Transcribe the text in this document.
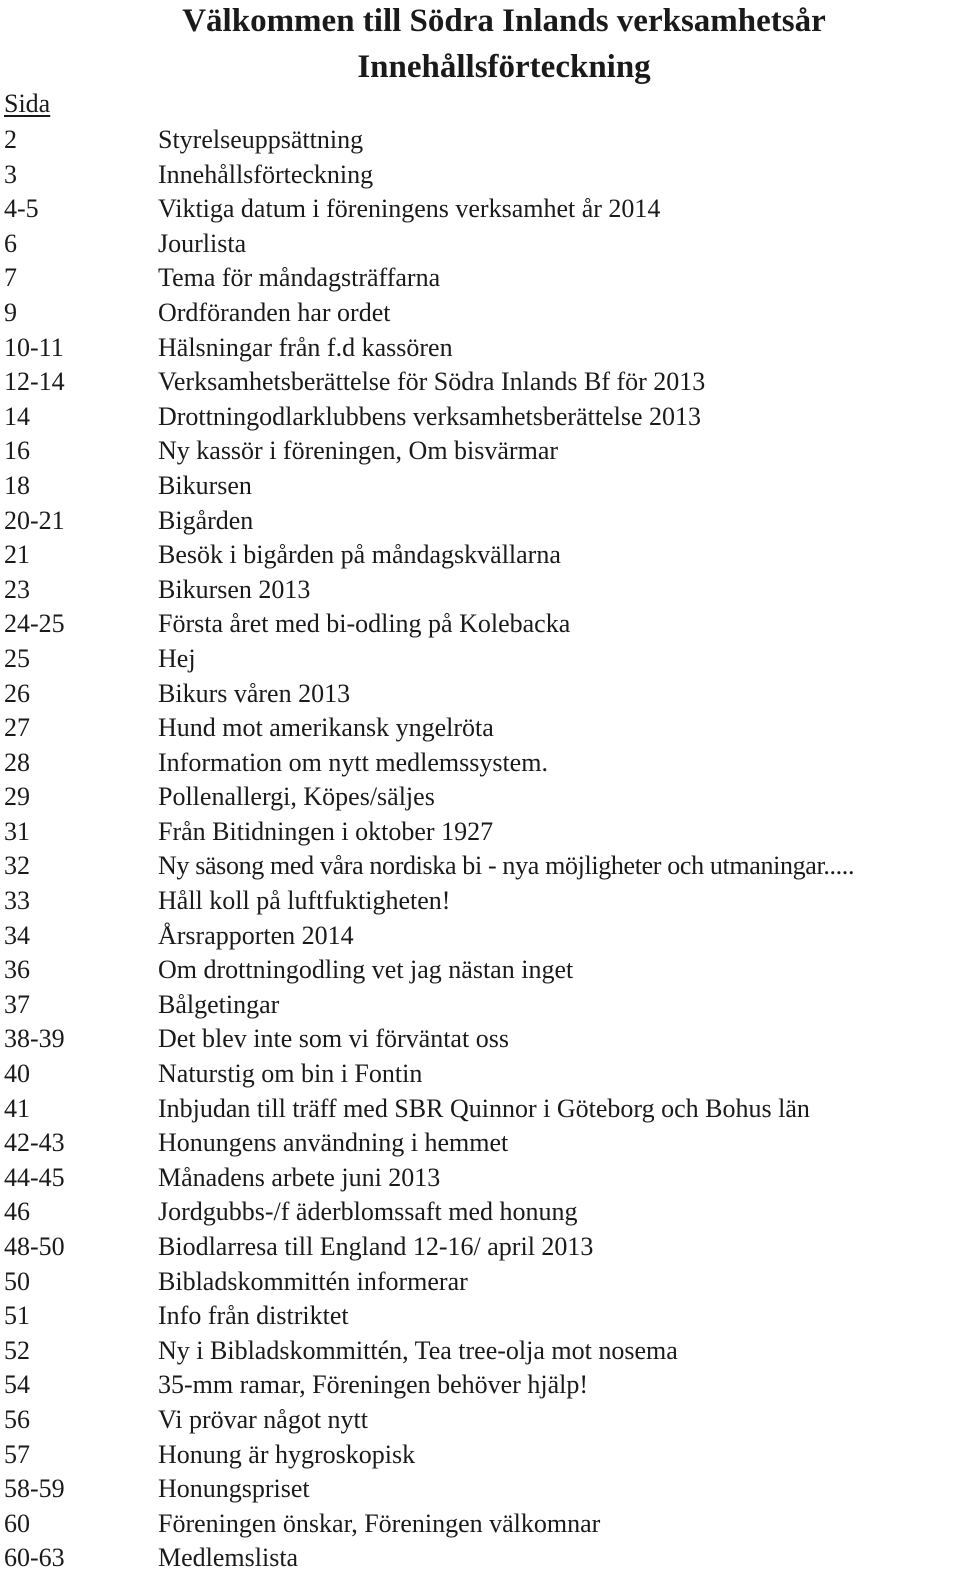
Välkommen till Södra Inlands verksamhetsår
Innehållsförteckning
Sida
2	Styrelseuppsättning
3	Innehållsförteckning
4-5	Viktiga datum i föreningens verksamhet år 2014
6	Jourlista
7	Tema för måndagsträffarna
9	Ordföranden har ordet
10-11	Hälsningar från f.d kassören
12-14	Verksamhetsberättelse för Södra Inlands Bf för 2013
14	Drottningodlarklubbens verksamhetsberättelse 2013
16	Ny kassör i föreningen, Om bisvärmar
18	Bikursen
20-21	Bigården
21	Besök i bigården på måndagskvällarna
23	Bikursen 2013
24-25	Första året med bi-odling på Kolebacka
25	Hej
26	Bikurs våren 2013
27	Hund mot amerikansk yngelröta
28	Information om nytt medlemssystem.
29	Pollenallergi, Köpes/säljes
31	Från Bitidningen i oktober 1927
32	Ny säsong med våra nordiska bi - nya möjligheter och utmaningar.....
33	Håll koll på luftfuktigheten!
34	Årsrapporten 2014
36	Om drottningodling vet jag nästan inget
37	Bålgetingar
38-39	Det blev inte som vi förväntat oss
40	Naturstig om bin i Fontin
41	Inbjudan till träff med SBR Quinnor i Göteborg och Bohus län
42-43	Honungens användning i hemmet
44-45	Månadens arbete juni 2013
46	Jordgubbs-/f äderblomssaft med honung
48-50	Biodlarresa till England 12-16/ april 2013
50	Bibladskommittén informerar
51	Info från distriktet
52	Ny i Bibladskommittén, Tea tree-olja mot nosema
54	35-mm ramar, Föreningen behöver hjälp!
56	Vi prövar något nytt
57	Honung är hygroskopisk
58-59	Honungspriset
60	Föreningen önskar, Föreningen välkomnar
60-63	Medlemslista
